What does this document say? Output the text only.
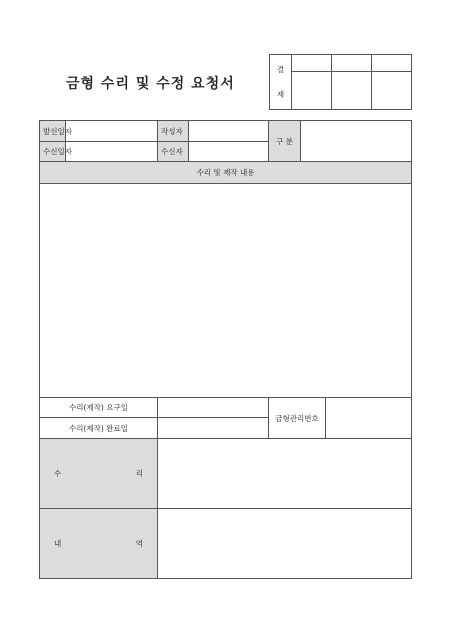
금형 수리 및 수정 요청서
결
재			

발신일자		작성자		구 분		
수신일자		수신자				
수리 및 제작 내용						

수리(제작) 요구일				금형관리번호		
수리(제작) 완료일						

수 리						

내 역						
